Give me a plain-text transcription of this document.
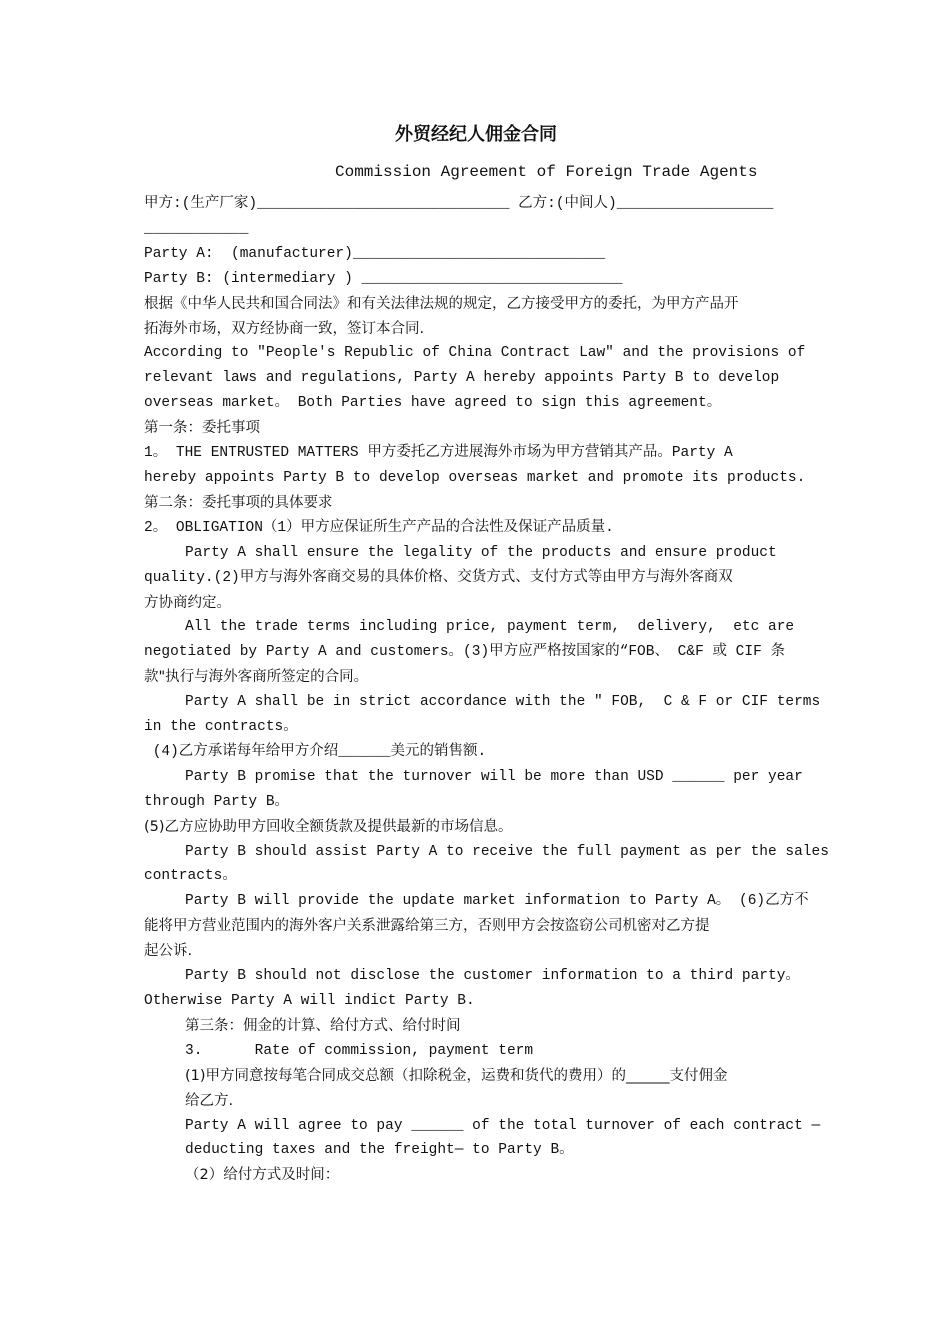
外贸经纪人佣金合同
Commission Agreement of Foreign Trade Agents
甲方:(生产厂家)_____________________________ 乙方:(中间人)__________________
____________
Party A:  (manufacturer)_____________________________
Party B: (intermediary ) ______________________________
根据《中华人民共和国合同法》和有关法律法规的规定，乙方接受甲方的委托，为甲方产品开
拓海外市场，双方经协商一致，签订本合同.
According to "People's Republic of China Contract Law" and the provisions of
relevant laws and regulations, Party A hereby appoints Party B to develop
overseas market。 Both Parties have agreed to sign this agreement。
第一条：委托事项
1。 THE ENTRUSTED MATTERS 甲方委托乙方进展海外市场为甲方营销其产品。Party A
hereby appoints Party B to develop overseas market and promote its products.
第二条：委托事项的具体要求
2。 OBLIGATION（1）甲方应保证所生产产品的合法性及保证产品质量.
Party A shall ensure the legality of the products and ensure product
quality.(2)甲方与海外客商交易的具体价格、交货方式、支付方式等由甲方与海外客商双
方协商约定。
All the trade terms including price, payment term,  delivery,  etc are
negotiated by Party A and customers。(3)甲方应严格按国家的“FOB、 C&F 或 CIF 条
款"执行与海外客商所签定的合同。
Party A shall be in strict accordance with the " FOB,  C & F or CIF terms
in the contracts。
(4)乙方承诺每年给甲方介绍______美元的销售额.
Party B promise that the turnover will be more than USD ______ per year
through Party B。
(5)乙方应协助甲方回收全额货款及提供最新的市场信息。
Party B should assist Party A to receive the full payment as per the sales
contracts。
Party B will provide the update market information to Party A。 (6)乙方不
能将甲方营业范围内的海外客户关系泄露给第三方，否则甲方会按盗窃公司机密对乙方提
起公诉.
Party B should not disclose the customer information to a third party。
Otherwise Party A will indict Party B.
第三条：佣金的计算、给付方式、给付时间
3.      Rate of commission, payment term
(1)甲方同意按每笔合同成交总额（扣除税金，运费和货代的费用）的______支付佣金
给乙方.
Party A will agree to pay ______ of the total turnover of each contract —
deducting taxes and the freight— to Party B。
（2）给付方式及时间：
